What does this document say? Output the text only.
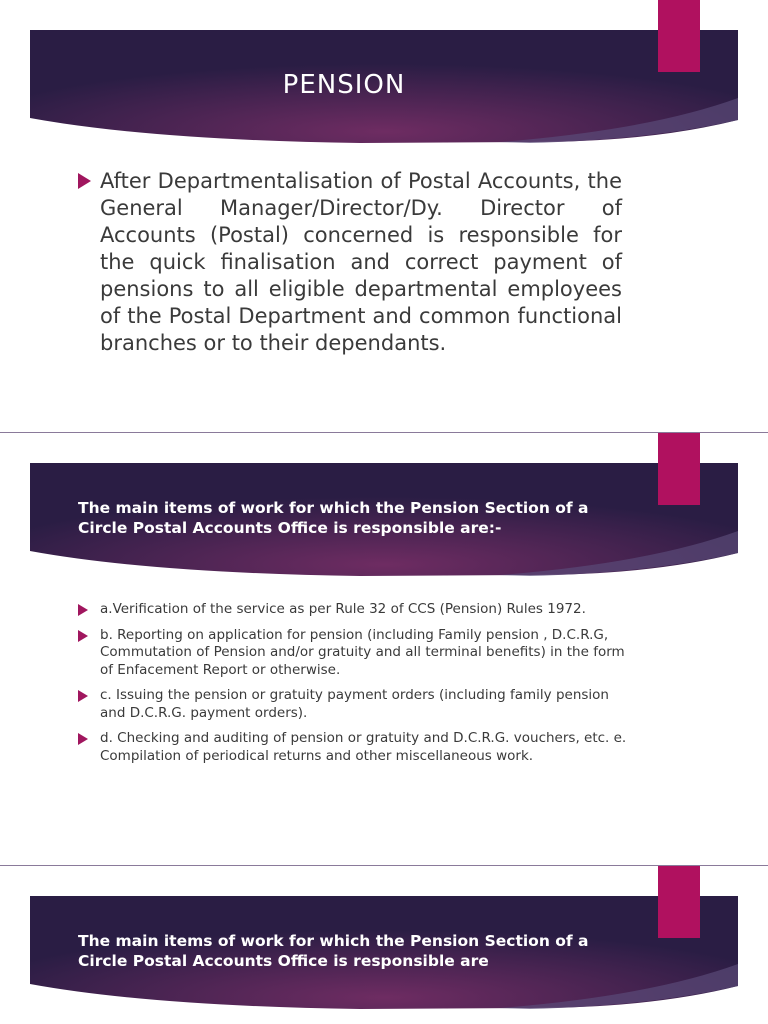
PENSION
After Departmentalisation of Postal Accounts, the General Manager/Director/Dy. Director of Accounts (Postal) concerned is responsible for the quick finalisation and correct payment of pensions to all eligible departmental employees of the Postal Department and common functional branches or to their dependants.
The main items of work for which the Pension Section of a Circle Postal Accounts Office is responsible are:-
a.Verification of the service as per Rule 32 of CCS (Pension) Rules 1972.
b. Reporting on application for pension (including Family pension , D.C.R.G, Commutation of Pension and/or gratuity and all terminal benefits) in the form of Enfacement Report or otherwise.
c. Issuing the pension or gratuity payment orders (including family pension and D.C.R.G. payment orders).
d. Checking and auditing of pension or gratuity and D.C.R.G. vouchers, etc. e. Compilation of periodical returns and other miscellaneous work.
The main items of work for which the Pension Section of a Circle Postal Accounts Office is responsible are
